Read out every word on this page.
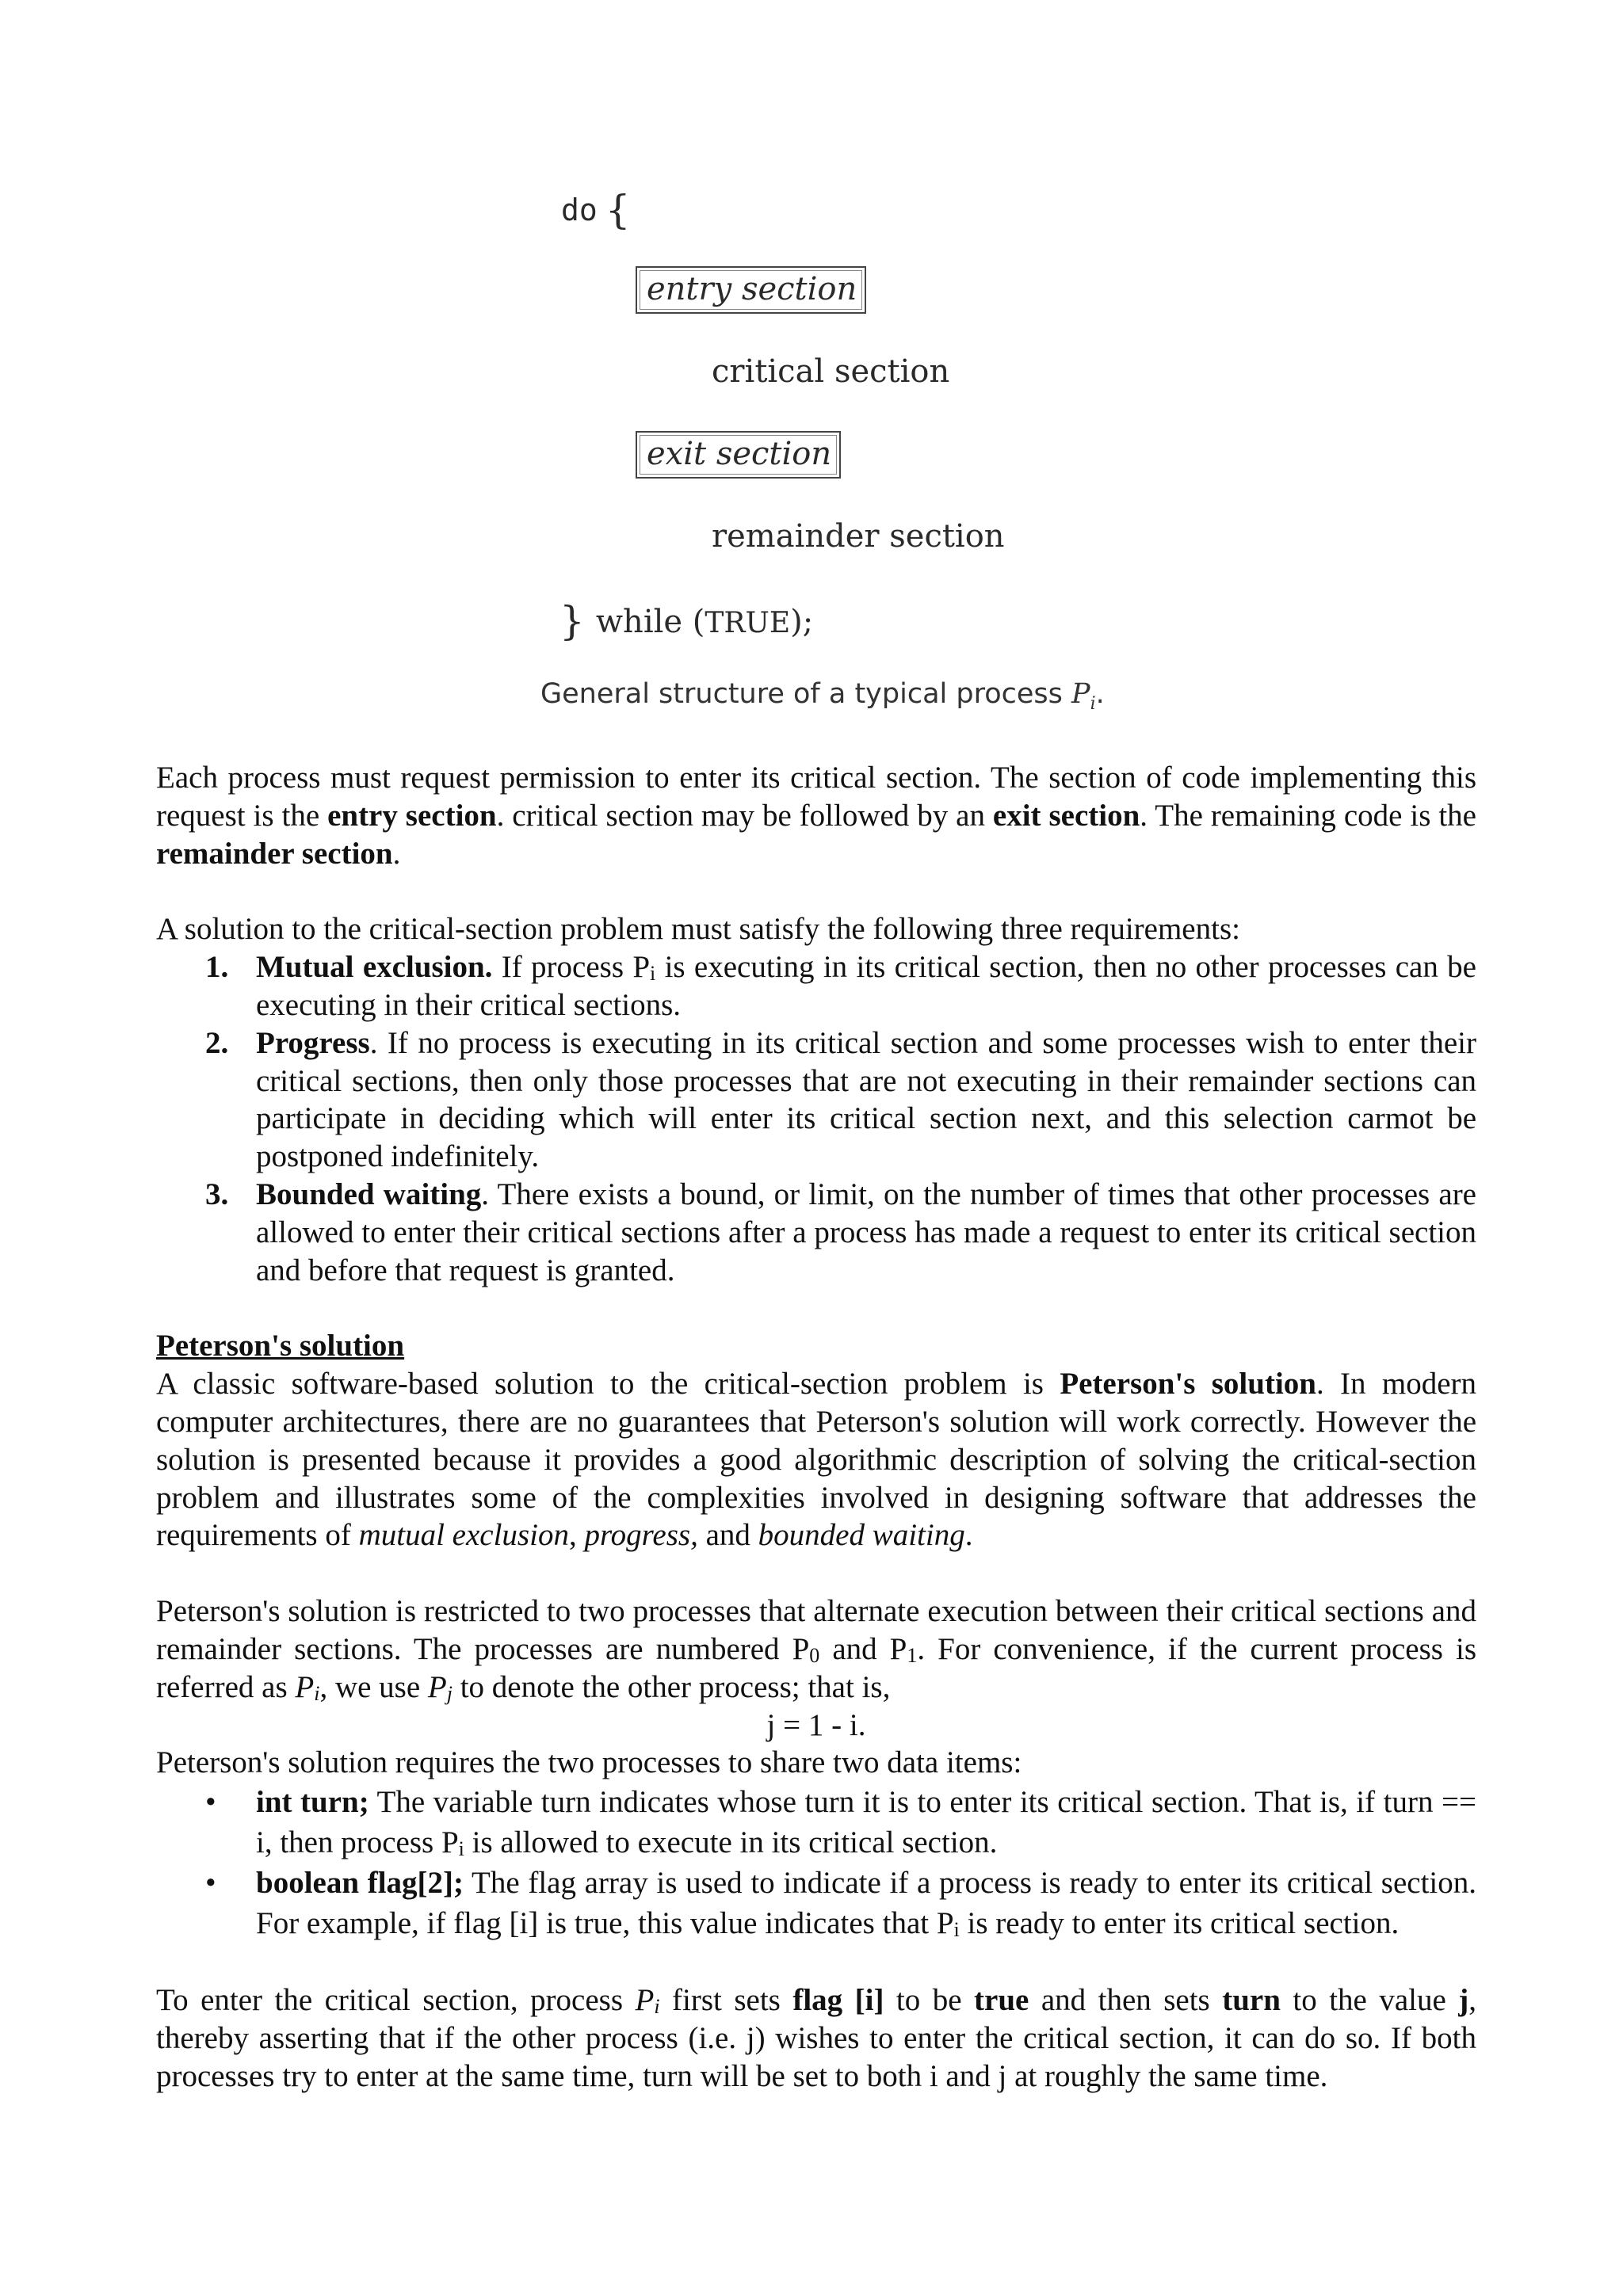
do {
entry section
critical section
exit section
remainder section
} while (TRUE);
General structure of a typical process $P_i$.

Each process must request permission to enter its critical section. The section of code implementing this request is the entry section. critical section may be followed by an exit section. The remaining code is the remainder section.

A solution to the critical-section problem must satisfy the following three requirements:

1. Mutual exclusion. If process $P_i$ is executing in its critical section, then no other processes can be executing in their critical sections.
2. Progress. If no process is executing in its critical section and some processes wish to enter their critical sections, then only those processes that are not executing in their remainder sections can participate in deciding which will enter its critical section next, and this selection carmot be postponed indefinitely.
3. Bounded waiting. There exists a bound, or limit, on the number of times that other processes are allowed to enter their critical sections after a process has made a request to enter its critical section and before that request is granted.

Peterson's solution

A classic software-based solution to the critical-section problem is Peterson's solution. In modern computer architectures, there are no guarantees that Peterson's solution will work correctly. However the solution is presented because it provides a good algorithmic description of solving the critical-section problem and illustrates some of the complexities involved in designing software that addresses the requirements of mutual exclusion, progress, and bounded waiting.

Peterson's solution is restricted to two processes that alternate execution between their critical sections and remainder sections. The processes are numbered $P_0$ and $P_1$. For convenience, if the current process is referred as $P_i$, we use $P_j$ to denote the other process; that is,

j = 1 - i.

Peterson's solution requires the two processes to share two data items:

• int turn; The variable turn indicates whose turn it is to enter its critical section. That is, if turn == i, then process $P_i$ is allowed to execute in its critical section.
• boolean flag[2]; The flag array is used to indicate if a process is ready to enter its critical section. For example, if flag [i] is true, this value indicates that $P_i$ is ready to enter its critical section.

To enter the critical section, process $P_i$ first sets flag [i] to be true and then sets turn to the value j, thereby asserting that if the other process (i.e. j) wishes to enter the critical section, it can do so. If both processes try to enter at the same time, turn will be set to both i and j at roughly the same time.
